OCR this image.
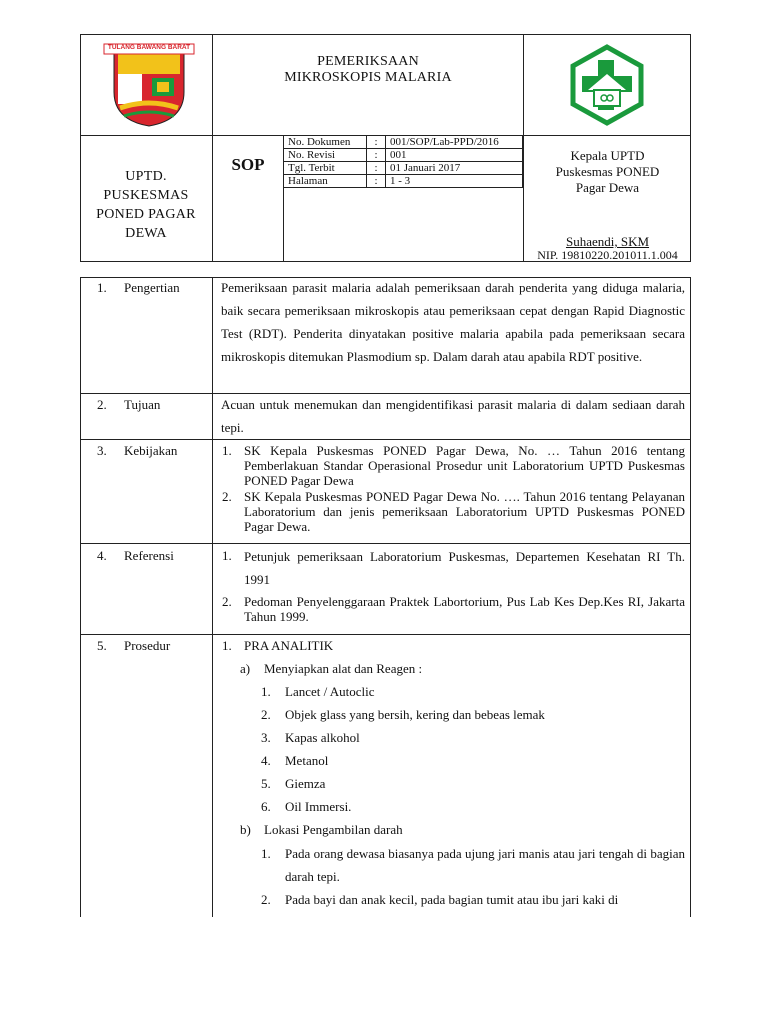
TULANG BAWANG BARAT
PEMERIKSAAN
MIKROSKOPIS MALARIA
UPTD.
PUSKESMAS
PONED PAGAR
DEWA
SOP
No. Dokumen	:	001/SOP/Lab-PPD/2016
No. Revisi	:	001
Tgl. Terbit	:	01 Januari 2017
Halaman	:	1 - 3
Kepala UPTD
Puskesmas PONED
Pagar Dewa
Suhaendi, SKM
NIP. 19810220.201011.1.004
1. Pengertian	Pemeriksaan parasit malaria adalah pemeriksaan darah penderita yang diduga malaria, baik secara pemeriksaan mikroskopis atau pemeriksaan cepat dengan Rapid Diagnostic Test (RDT). Penderita dinyatakan positive malaria apabila pada pemeriksaan secara mikroskopis ditemukan Plasmodium sp. Dalam darah atau apabila RDT positive.
2. Tujuan	Acuan untuk menemukan dan mengidentifikasi parasit malaria di dalam sediaan darah tepi.
3. Kebijakan	1. SK Kepala Puskesmas PONED Pagar Dewa, No. … Tahun 2016 tentang Pemberlakuan Standar Operasional Prosedur unit Laboratorium UPTD Puskesmas PONED Pagar Dewa
2. SK Kepala Puskesmas PONED Pagar Dewa No. …. Tahun 2016 tentang Pelayanan Laboratorium dan jenis pemeriksaan Laboratorium UPTD Puskesmas PONED Pagar Dewa.
4. Referensi	1. Petunjuk pemeriksaan Laboratorium Puskesmas, Departemen Kesehatan RI Th. 1991
2. Pedoman Penyelenggaraan Praktek Labortorium, Pus Lab Kes Dep.Kes RI, Jakarta Tahun 1999.
5. Prosedur	1. PRA ANALITIK
a) Menyiapkan alat dan Reagen :
1. Lancet / Autoclic
2. Objek glass yang bersih, kering dan bebeas lemak
3. Kapas alkohol
4. Metanol
5. Giemza
6. Oil Immersi.
b) Lokasi Pengambilan darah
1. Pada orang dewasa biasanya pada ujung jari manis atau jari tengah di bagian darah tepi.
2. Pada bayi dan anak kecil, pada bagian tumit atau ibu jari kaki di
